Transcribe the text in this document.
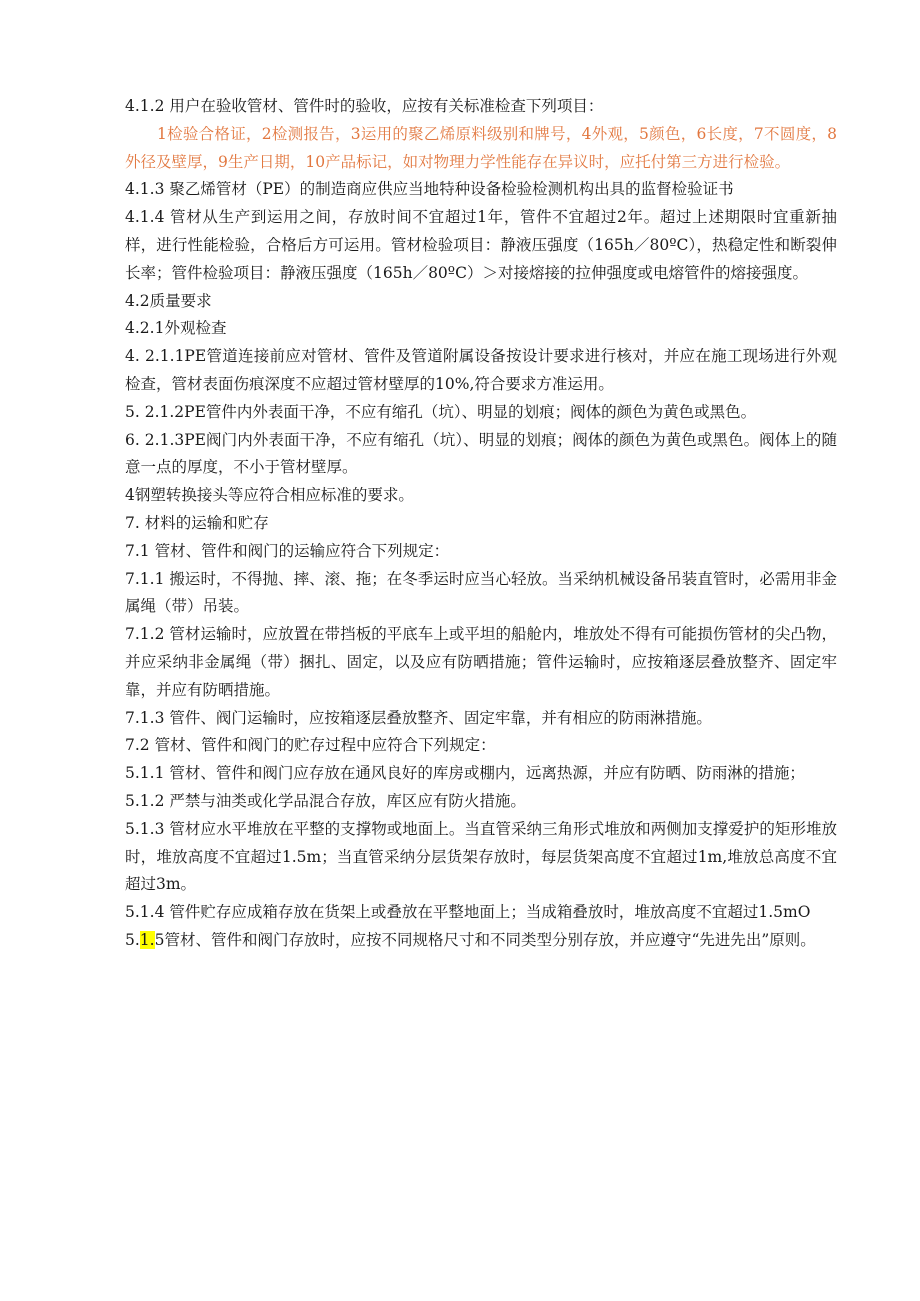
4.1.2 用户在验收管材、管件时的验收，应按有关标准检查下列项目：

1检验合格证，2检测报告，3运用的聚乙烯原料级别和牌号，4外观，5颜色，6长度，7不圆度，8外径及壁厚，9生产日期，10产品标记，如对物理力学性能存在异议时，应托付第三方进行检验。

4.1.3 聚乙烯管材（PE）的制造商应供应当地特种设备检验检测机构出具的监督检验证书

4.1.4 管材从生产到运用之间，存放时间不宜超过1年，管件不宜超过2年。超过上述期限时宜重新抽样，进行性能检验，合格后方可运用。管材检验项目：静液压强度（165h／80ºC），热稳定性和断裂伸长率；管件检验项目：静液压强度（165h／80ºC）＞对接熔接的拉伸强度或电熔管件的熔接强度。

4.2质量要求

4.2.1外观检查

4. 2.1.1PE管道连接前应对管材、管件及管道附属设备按设计要求进行核对，并应在施工现场进行外观检查，管材表面伤痕深度不应超过管材壁厚的10%,符合要求方准运用。

5. 2.1.2PE管件内外表面干净，不应有缩孔（坑）、明显的划痕；阀体的颜色为黄色或黑色。

6. 2.1.3PE阀门内外表面干净，不应有缩孔（坑）、明显的划痕；阀体的颜色为黄色或黑色。阀体上的随意一点的厚度，不小于管材壁厚。

4钢塑转换接头等应符合相应标准的要求。

7. 材料的运输和贮存

7.1 管材、管件和阀门的运输应符合下列规定：

7.1.1 搬运时，不得抛、摔、滚、拖；在冬季运时应当心轻放。当采纳机械设备吊装直管时，必需用非金属绳（带）吊装。

7.1.2 管材运输时，应放置在带挡板的平底车上或平坦的船舱内，堆放处不得有可能损伤管材的尖凸物，并应采纳非金属绳（带）捆扎、固定，以及应有防晒措施；管件运输时，应按箱逐层叠放整齐、固定牢靠，并应有防晒措施。

7.1.3 管件、阀门运输时，应按箱逐层叠放整齐、固定牢靠，并有相应的防雨淋措施。

7.2 管材、管件和阀门的贮存过程中应符合下列规定：

5.1.1 管材、管件和阀门应存放在通风良好的库房或棚内，远离热源，并应有防晒、防雨淋的措施；

5.1.2 严禁与油类或化学品混合存放，库区应有防火措施。

5.1.3 管材应水平堆放在平整的支撑物或地面上。当直管采纳三角形式堆放和两侧加支撑爱护的矩形堆放时，堆放高度不宜超过1.5m；当直管采纳分层货架存放时，每层货架高度不宜超过1m,堆放总高度不宜超过3m。

5.1.4 管件贮存应成箱存放在货架上或叠放在平整地面上；当成箱叠放时，堆放高度不宜超过1.5mO

5.1.5管材、管件和阀门存放时，应按不同规格尺寸和不同类型分别存放，并应遵守“先进先出”原则。
